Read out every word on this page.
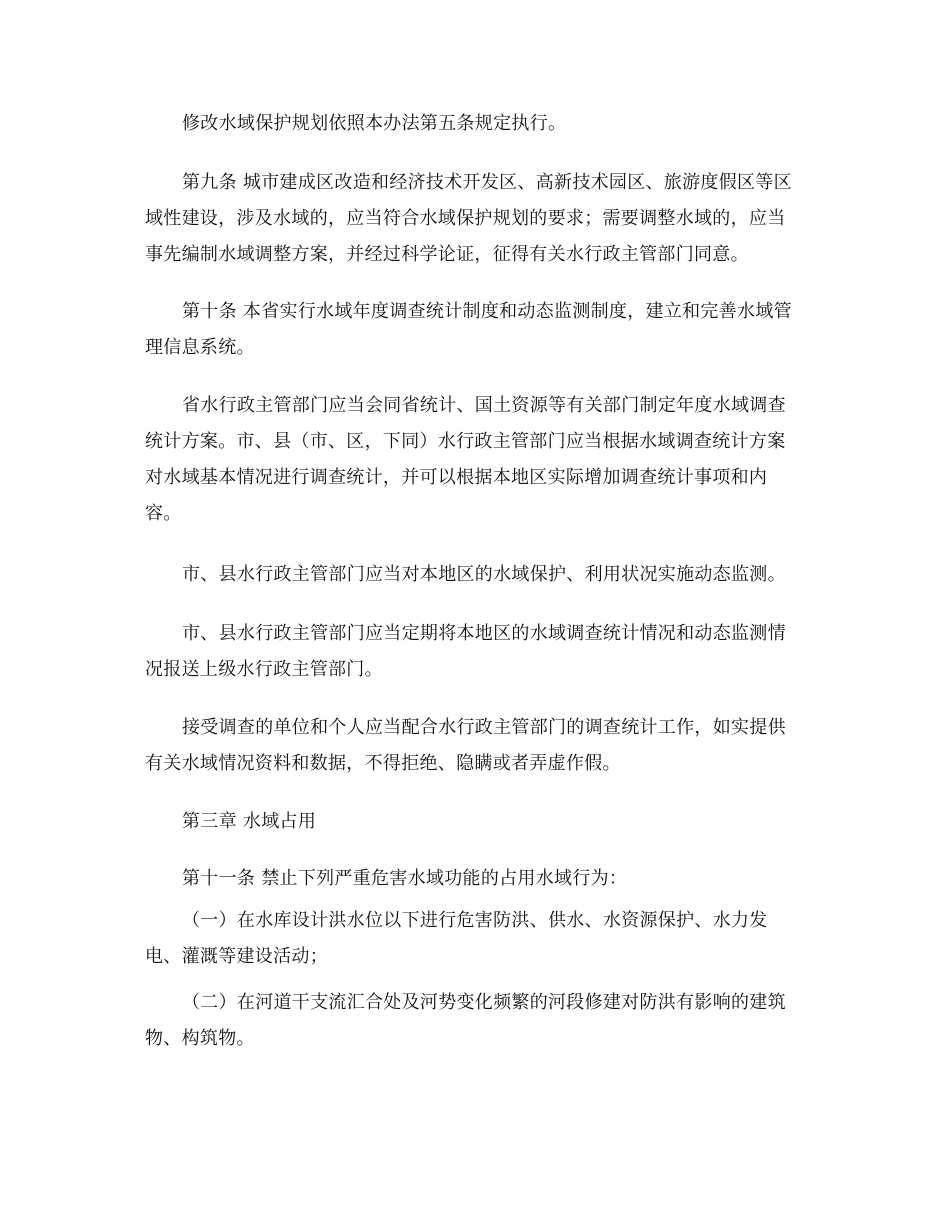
修改水域保护规划依照本办法第五条规定执行。
第九条 城市建成区改造和经济技术开发区、高新技术园区、旅游度假区等区
域性建设，涉及水域的，应当符合水域保护规划的要求；需要调整水域的，应当
事先编制水域调整方案，并经过科学论证，征得有关水行政主管部门同意。
第十条 本省实行水域年度调查统计制度和动态监测制度，建立和完善水域管
理信息系统。
省水行政主管部门应当会同省统计、国土资源等有关部门制定年度水域调查
统计方案。市、县（市、区，下同）水行政主管部门应当根据水域调查统计方案
对水域基本情况进行调查统计，并可以根据本地区实际增加调查统计事项和内
容。
市、县水行政主管部门应当对本地区的水域保护、利用状况实施动态监测。
市、县水行政主管部门应当定期将本地区的水域调查统计情况和动态监测情
况报送上级水行政主管部门。
接受调查的单位和个人应当配合水行政主管部门的调查统计工作，如实提供
有关水域情况资料和数据，不得拒绝、隐瞒或者弄虚作假。
第三章 水域占用
第十一条 禁止下列严重危害水域功能的占用水域行为：
（一）在水库设计洪水位以下进行危害防洪、供水、水资源保护、水力发
电、灌溉等建设活动；
（二）在河道干支流汇合处及河势变化频繁的河段修建对防洪有影响的建筑
物、构筑物。
